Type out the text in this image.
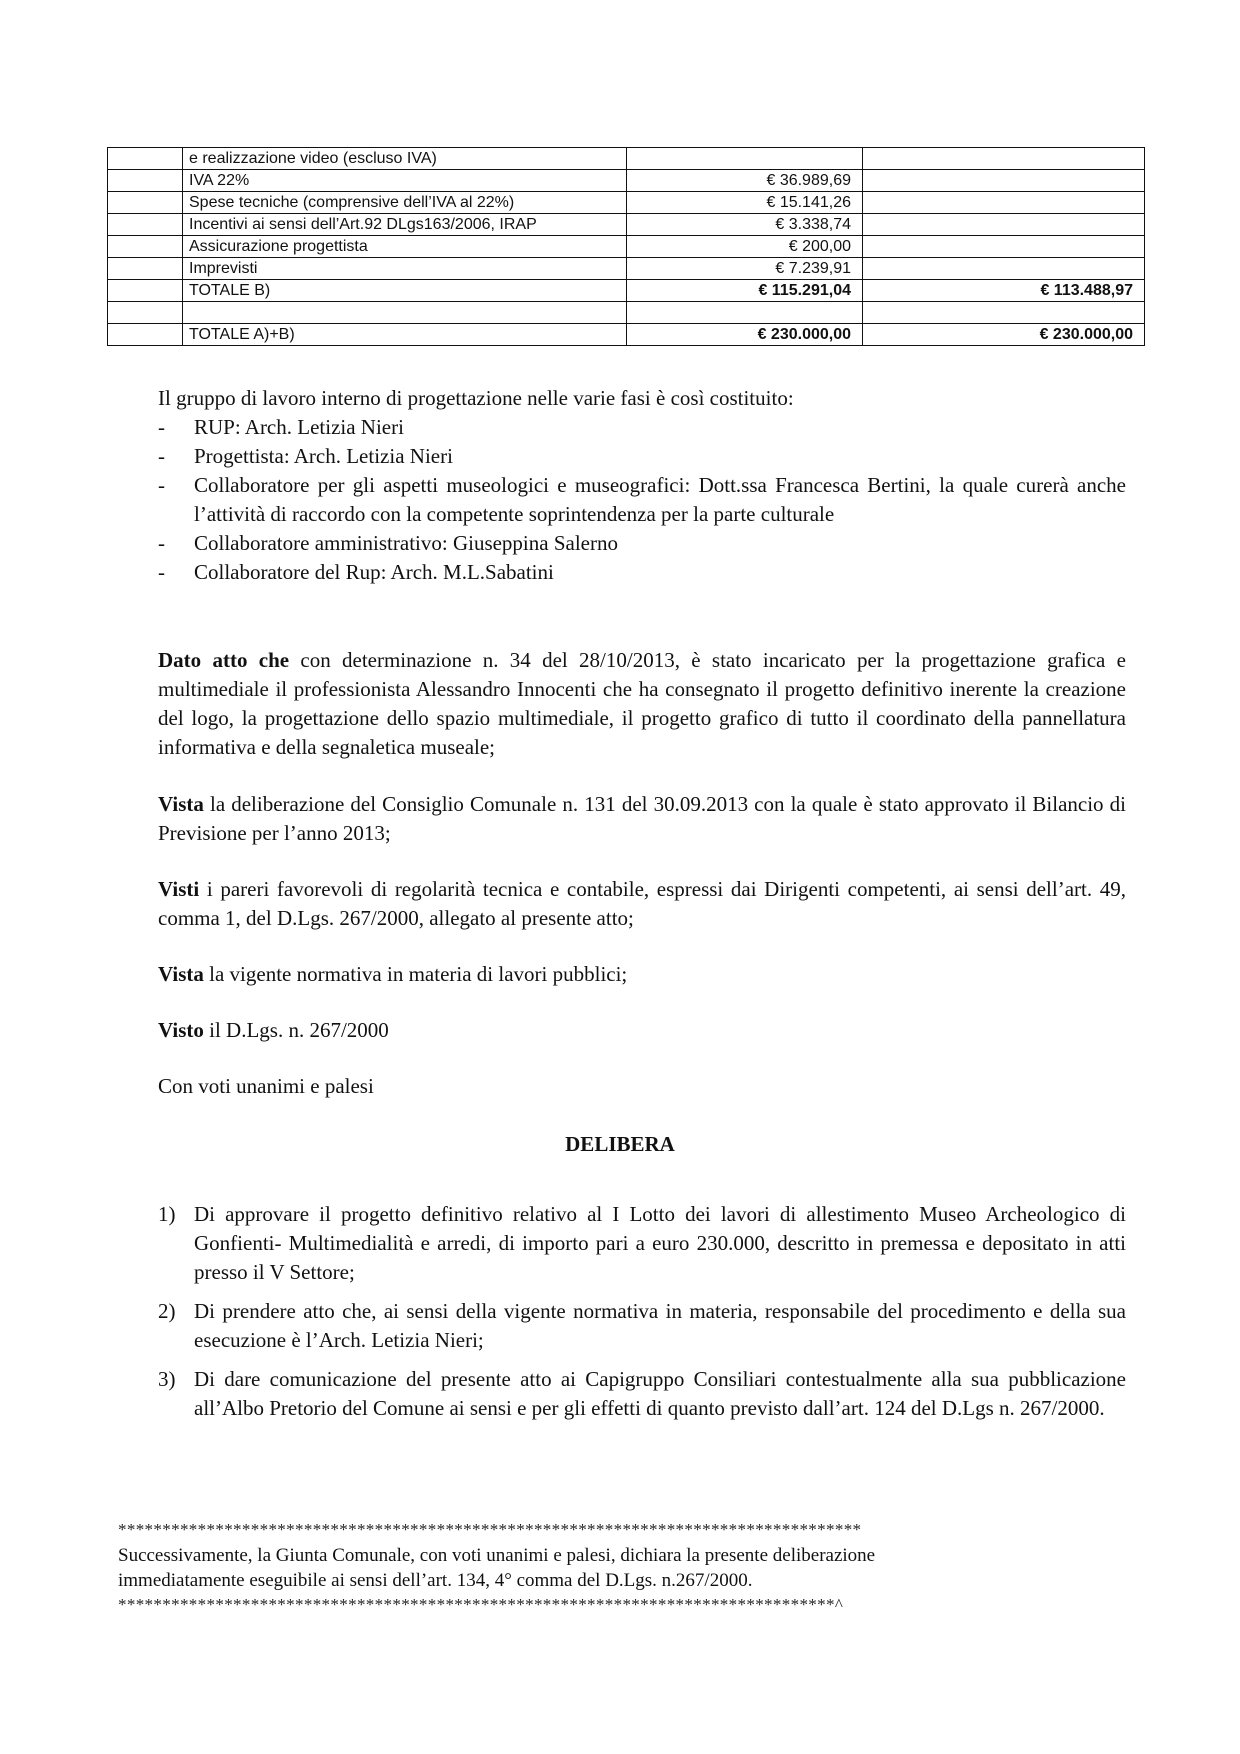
	e realizzazione video (escluso IVA)		
	IVA 22%	€ 36.989,69	
	Spese tecniche (comprensive dell’IVA al 22%)	€ 15.141,26	
	Incentivi ai sensi dell’Art.92 DLgs163/2006, IRAP	€ 3.338,74	
	Assicurazione progettista	€ 200,00	
	Imprevisti	€ 7.239,91	
	TOTALE B)	€ 115.291,04	€ 113.488,97

	TOTALE A)+B)	€ 230.000,00	€ 230.000,00

Il gruppo di lavoro interno di progettazione nelle varie fasi è così costituito:

- RUP: Arch. Letizia Nieri
- Progettista: Arch. Letizia Nieri
- Collaboratore per gli aspetti museologici e museografici: Dott.ssa Francesca Bertini, la quale curerà anche l’attività di raccordo con la competente soprintendenza per la parte culturale
- Collaboratore amministrativo: Giuseppina Salerno
- Collaboratore del Rup: Arch. M.L.Sabatini

Dato atto che con determinazione n. 34 del 28/10/2013, è stato incaricato per la progettazione grafica e multimediale il professionista Alessandro Innocenti che ha consegnato il progetto definitivo inerente la creazione del logo, la progettazione dello spazio multimediale, il progetto grafico di tutto il coordinato della pannellatura informativa e della segnaletica museale;

Vista la deliberazione del Consiglio Comunale n. 131 del 30.09.2013 con la quale è stato approvato il Bilancio di Previsione per l’anno 2013;

Visti i pareri favorevoli di regolarità tecnica e contabile, espressi dai Dirigenti competenti, ai sensi dell’art. 49, comma 1, del D.Lgs. 267/2000, allegato al presente atto;

Vista la vigente normativa in materia di lavori pubblici;

Visto il D.Lgs. n. 267/2000

Con voti unanimi e palesi

DELIBERA
1) Di approvare il progetto definitivo relativo al I Lotto dei lavori di allestimento Museo Archeologico di Gonfienti- Multimedialità e arredi, di importo pari a euro 230.000, descritto in premessa e depositato in atti presso il V Settore;
2) Di prendere atto che, ai sensi della vigente normativa in materia, responsabile del procedimento e della sua esecuzione è l’Arch. Letizia Nieri;
3) Di dare comunicazione del presente atto ai Capigruppo Consiliari contestualmente alla sua pubblicazione all’Albo Pretorio del Comune ai sensi e per gli effetti di quanto previsto dall’art. 124 del D.Lgs n. 267/2000.
************************************************************************************
Successivamente, la Giunta Comunale, con voti unanimi e palesi, dichiara la presente deliberazione
immediatamente eseguibile ai sensi dell’art. 134, 4° comma del D.Lgs. n.267/2000.
*********************************************************************************^
